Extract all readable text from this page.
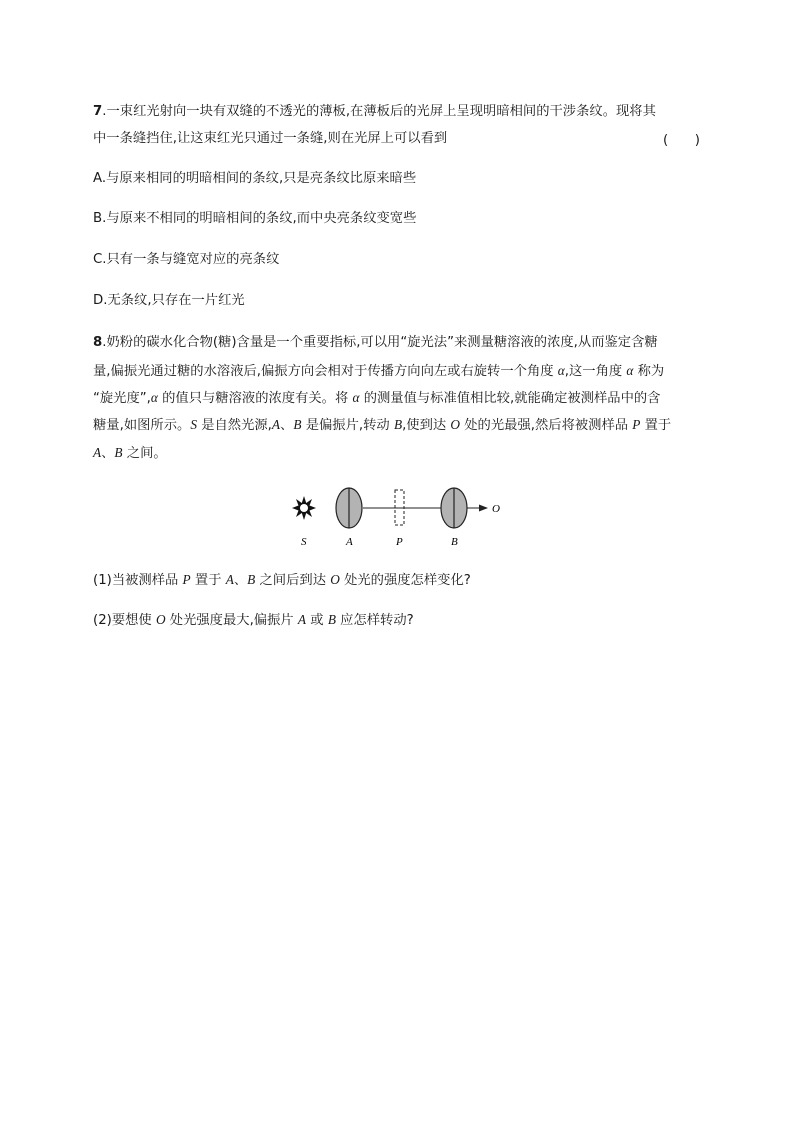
7.一束红光射向一块有双缝的不透光的薄板,在薄板后的光屏上呈现明暗相间的干涉条纹。现将其
中一条缝挡住,让这束红光只通过一条缝,则在光屏上可以看到	(　　)
A.与原来相同的明暗相间的条纹,只是亮条纹比原来暗些
B.与原来不相同的明暗相间的条纹,而中央亮条纹变宽些
C.只有一条与缝宽对应的亮条纹
D.无条纹,只存在一片红光
8.奶粉的碳水化合物(糖)含量是一个重要指标,可以用“旋光法”来测量糖溶液的浓度,从而鉴定含糖
量,偏振光通过糖的水溶液后,偏振方向会相对于传播方向向左或右旋转一个角度 α,这一角度 α 称为
“旋光度”,α 的值只与糖溶液的浓度有关。将 α 的测量值与标准值相比较,就能确定被测样品中的含
糖量,如图所示。S 是自然光源,A、B 是偏振片,转动 B,使到达 O 处的光最强,然后将被测样品 P 置于
A、B 之间。
S	A	P	B
O
(1)当被测样品 P 置于 A、B 之间后到达 O 处光的强度怎样变化?
(2)要想使 O 处光强度最大,偏振片 A 或 B 应怎样转动?
